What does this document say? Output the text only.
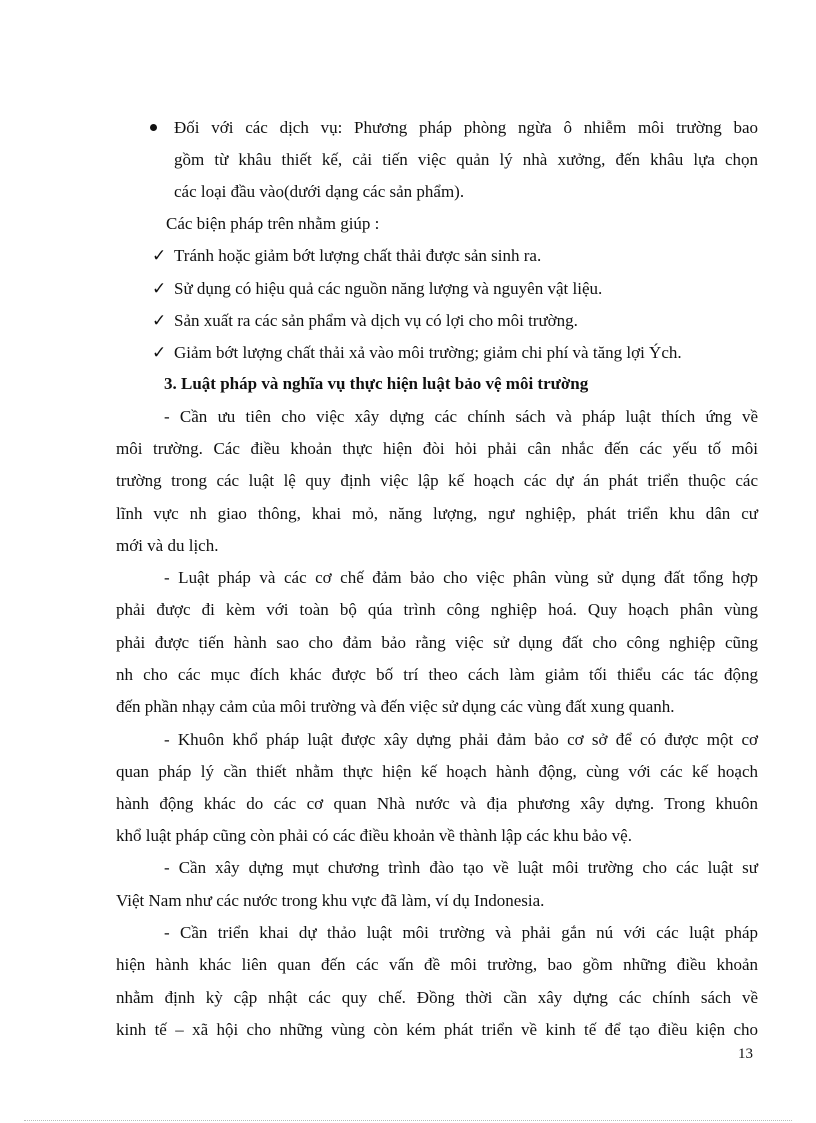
Đối với các dịch vụ: Phương pháp phòng ngừa ô nhiễm môi trường bao
gồm từ khâu thiết kế, cải tiến việc quản lý nhà xưởng, đến khâu lựa chọn
các loại đầu vào(dưới dạng các sản phẩm).
Các biện pháp trên nhằm giúp :
✓ Tránh hoặc giảm bớt lượng chất thải được sản sinh ra.
✓ Sử dụng có hiệu quả các nguồn năng lượng và nguyên vật liệu.
✓ Sản xuất ra các sản phẩm và dịch vụ có lợi cho môi trường.
✓ Giảm bớt lượng chất thải xả vào môi trường; giảm chi phí và tăng lợi Ých.
3. Luật pháp và nghĩa vụ thực hiện luật bảo vệ môi trường
- Cần ưu tiên cho việc xây dựng các chính sách và pháp luật thích ứng về
môi trường. Các điều khoản thực hiện đòi hỏi phải cân nhắc đến các yếu tố môi
trường trong các luật lệ quy định việc lập kế hoạch các dự án phát triển thuộc các
lĩnh vực nh giao thông, khai mỏ, năng lượng, ngư nghiệp, phát triển khu dân cư
mới và du lịch.
- Luật pháp và các cơ chế đảm bảo cho việc phân vùng sử dụng đất tổng hợp
phải được đi kèm với toàn bộ qúa trình công nghiệp hoá. Quy hoạch phân vùng
phải được tiến hành sao cho đảm bảo rằng việc sử dụng đất cho công nghiệp cũng
nh cho các mục đích khác được bố trí theo cách làm giảm tối thiểu các tác động
đến phần nhạy cảm của môi trường và đến việc sử dụng các vùng đất xung quanh.
- Khuôn khổ pháp luật được xây dựng phải đảm bảo cơ sở để có được một cơ
quan pháp lý cần thiết nhằm thực hiện kế hoạch hành động, cùng với các kế hoạch
hành động khác do các cơ quan Nhà nước và địa phương xây dựng. Trong khuôn
khổ luật pháp cũng còn phải có các điều khoản về thành lập các khu bảo vệ.
- Cần xây dựng mụt chương trình đào tạo về luật môi trường cho các luật sư
Việt Nam như các nước trong khu vực đã làm, ví dụ Indonesia.
- Cần triển khai dự thảo luật môi trường và phải gắn nú với các luật pháp
hiện hành khác liên quan đến các vấn đề môi trường, bao gồm những điều khoản
nhằm định kỳ cập nhật các quy chế. Đồng thời cần xây dựng các chính sách về
kinh tế – xã hội cho những vùng còn kém phát triển về kinh tế để tạo điều kiện cho
13
